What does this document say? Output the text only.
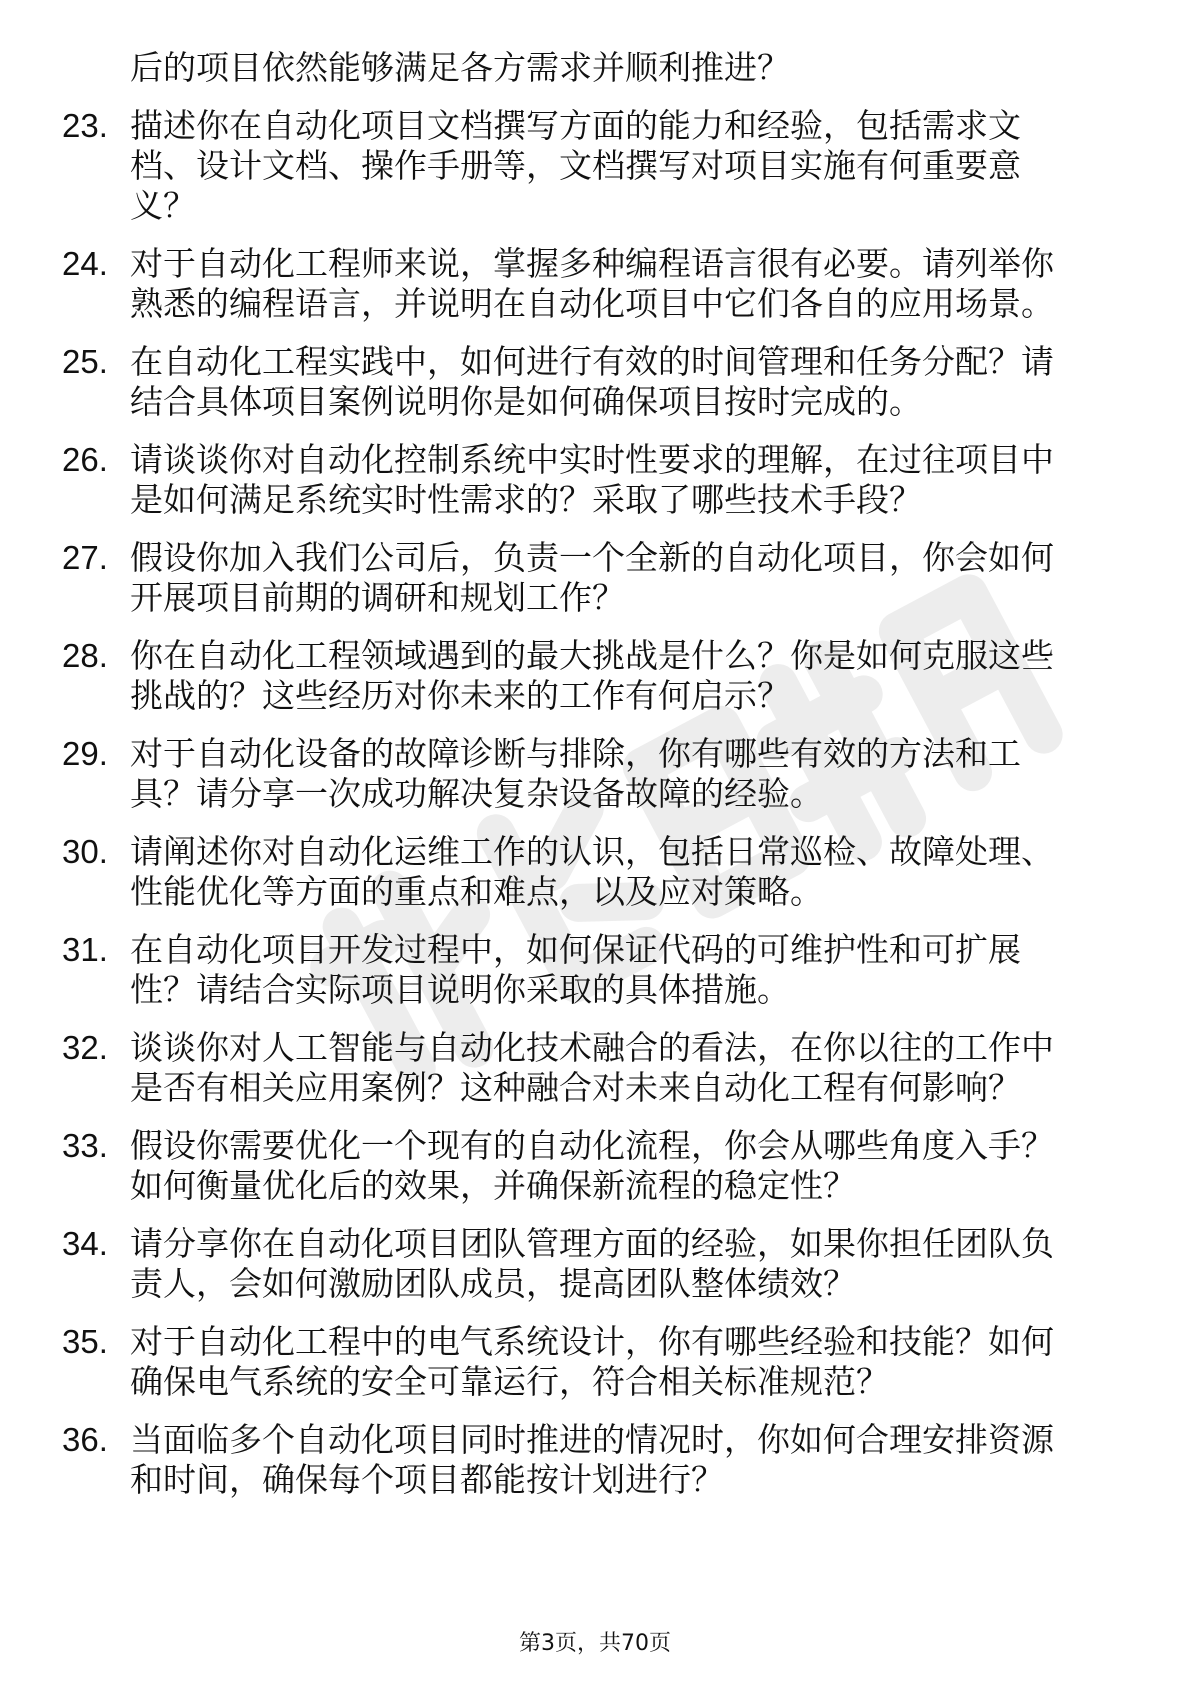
后的项目依然能够满足各方需求并顺利推进？
23. 描述你在自动化项目文档撰写方面的能力和经验，包括需求文
档、设计文档、操作手册等，文档撰写对项目实施有何重要意
义？
24. 对于自动化工程师来说，掌握多种编程语言很有必要。请列举你
熟悉的编程语言，并说明在自动化项目中它们各自的应用场景。
25. 在自动化工程实践中，如何进行有效的时间管理和任务分配？请
结合具体项目案例说明你是如何确保项目按时完成的。
26. 请谈谈你对自动化控制系统中实时性要求的理解，在过往项目中
是如何满足系统实时性需求的？采取了哪些技术手段？
27. 假设你加入我们公司后，负责一个全新的自动化项目，你会如何
开展项目前期的调研和规划工作？
28. 你在自动化工程领域遇到的最大挑战是什么？你是如何克服这些
挑战的？这些经历对你未来的工作有何启示？
29. 对于自动化设备的故障诊断与排除，你有哪些有效的方法和工
具？请分享一次成功解决复杂设备故障的经验。
30. 请阐述你对自动化运维工作的认识，包括日常巡检、故障处理、
性能优化等方面的重点和难点，以及应对策略。
31. 在自动化项目开发过程中，如何保证代码的可维护性和可扩展
性？请结合实际项目说明你采取的具体措施。
32. 谈谈你对人工智能与自动化技术融合的看法，在你以往的工作中
是否有相关应用案例？这种融合对未来自动化工程有何影响？
33. 假设你需要优化一个现有的自动化流程，你会从哪些角度入手？
如何衡量优化后的效果，并确保新流程的稳定性？
34. 请分享你在自动化项目团队管理方面的经验，如果你担任团队负
责人，会如何激励团队成员，提高团队整体绩效？
35. 对于自动化工程中的电气系统设计，你有哪些经验和技能？如何
确保电气系统的安全可靠运行，符合相关标准规范？
36. 当面临多个自动化项目同时推进的情况时，你如何合理安排资源
和时间，确保每个项目都能按计划进行？
第3页，共70页
